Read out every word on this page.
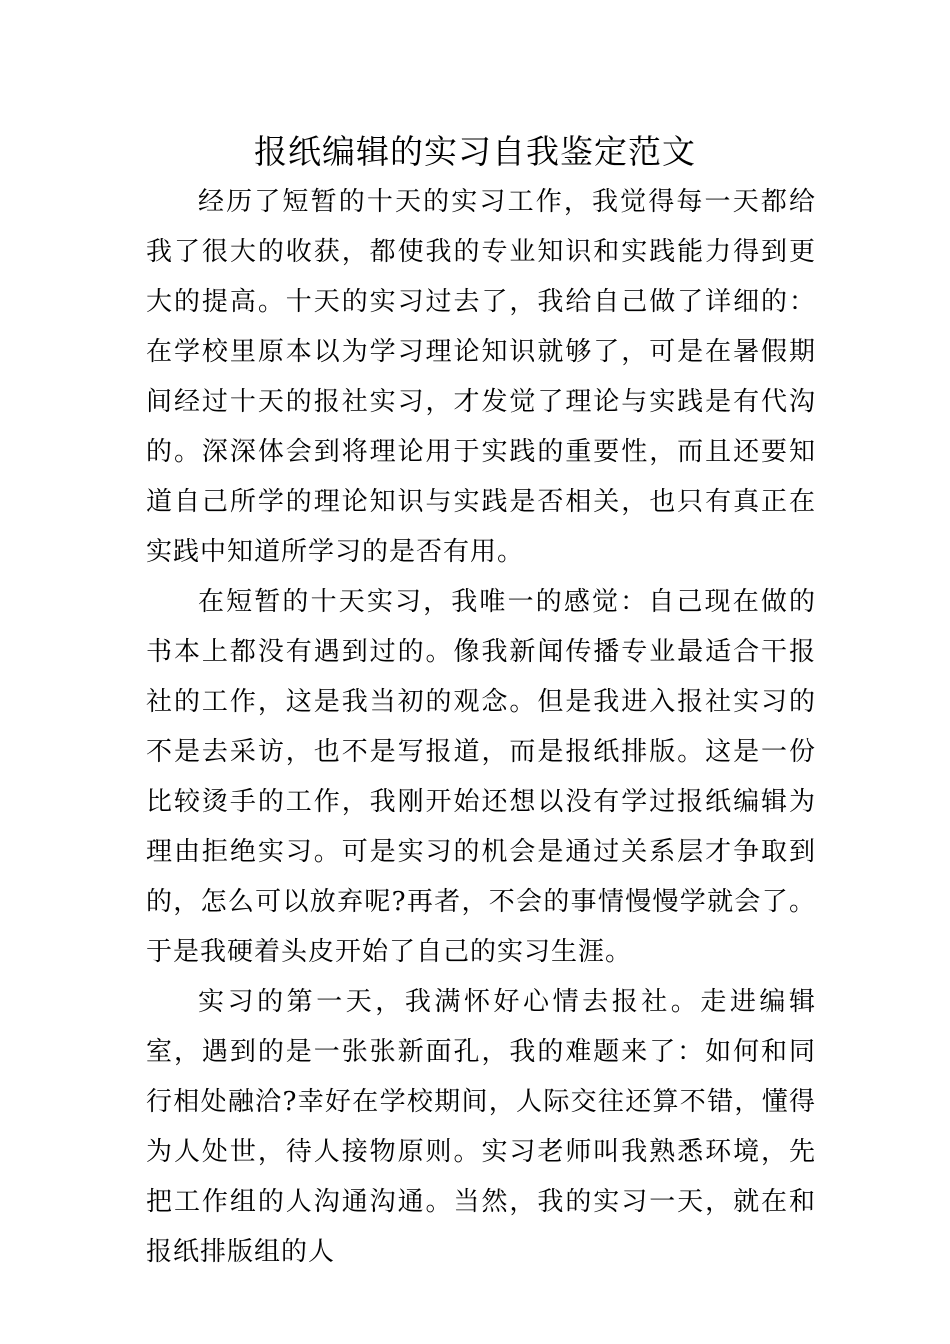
报纸编辑的实习自我鉴定范文

经历了短暂的十天的实习工作，我觉得每一天都给我了很大的收获，都使我的专业知识和实践能力得到更大的提高。十天的实习过去了，我给自己做了详细的：在学校里原本以为学习理论知识就够了，可是在暑假期间经过十天的报社实习，才发觉了理论与实践是有代沟的。深深体会到将理论用于实践的重要性，而且还要知道自己所学的理论知识与实践是否相关，也只有真正在实践中知道所学习的是否有用。

在短暂的十天实习，我唯一的感觉：自己现在做的书本上都没有遇到过的。像我新闻传播专业最适合干报社的工作，这是我当初的观念。但是我进入报社实习的不是去采访，也不是写报道，而是报纸排版。这是一份比较烫手的工作，我刚开始还想以没有学过报纸编辑为理由拒绝实习。可是实习的机会是通过关系层才争取到的，怎么可以放弃呢?再者，不会的事情慢慢学就会了。于是我硬着头皮开始了自己的实习生涯。

实习的第一天，我满怀好心情去报社。走进编辑室，遇到的是一张张新面孔，我的难题来了：如何和同行相处融洽?幸好在学校期间，人际交往还算不错，懂得为人处世，待人接物原则。实习老师叫我熟悉环境，先把工作组的人沟通沟通。当然，我的实习一天，就在和报纸排版组的人
